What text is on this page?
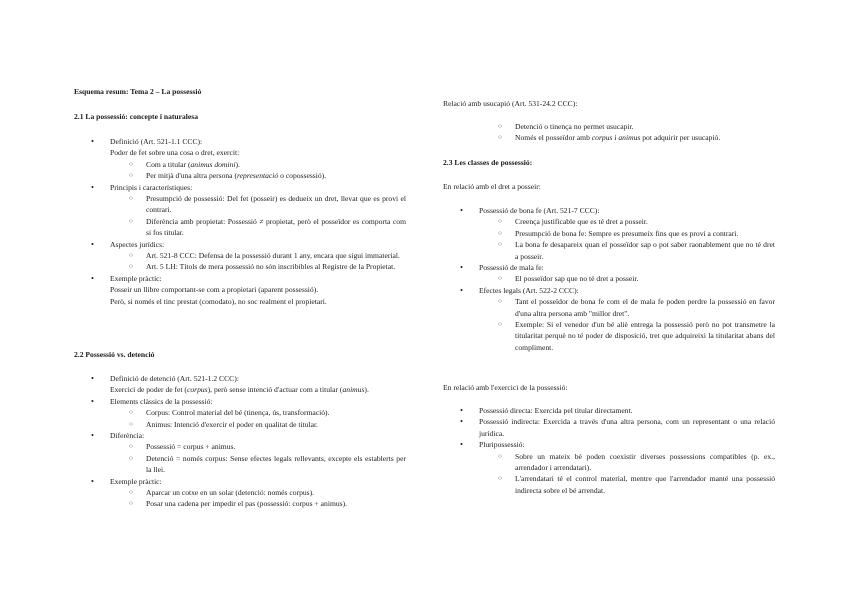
Esquema resum: Tema 2 – La possessió
2.1 La possessió: concepte i naturalesa
• Definició (Art. 521-1.1 CCC):
Poder de fet sobre una cosa o dret, exercit:
○ Com a titular (animus domini).
○ Per mitjà d'una altra persona (representació o copossessió).
• Principis i característiques:
○ Presumpció de possessió: Del fet (posseir) es dedueix un dret, llevat que es provi el contrari.
○ Diferència amb propietat: Possessió ≠ propietat, però el posseïdor es comporta com si fos titular.
• Aspectes jurídics:
○ Art. 521-8 CCC: Defensa de la possessió durant 1 any, encara que sigui immaterial.
○ Art. 5 LH: Títols de mera possessió no són inscribibles al Registre de la Propietat.
• Exemple pràctic:
Posseir un llibre comportant-se com a propietari (aparent possessió).
Però, si només el tinc prestat (comodato), no soc realment el propietari.
2.2 Possessió vs. detenció
• Definició de detenció (Art. 521-1.2 CCC):
Exercici de poder de fet (corpus), però sense intenció d'actuar com a titular (animus).
• Elements clàssics de la possessió:
○ Corpus: Control material del bé (tinença, ús, transformació).
○ Animus: Intenció d'exercir el poder en qualitat de titular.
• Diferència:
○ Possessió = corpus + animus.
○ Detenció = només corpus: Sense efectes legals rellevants, excepte els establerts per la llei.
• Exemple pràctic:
○ Aparcar un cotxe en un solar (detenció: només corpus).
○ Posar una cadena per impedir el pas (possessió: corpus + animus).
Relació amb usucapió (Art. 531-24.2 CCC):
○ Detenció o tinença no permet usucapir.
○ Només el posseïdor amb corpus i animus pot adquirir per usucapió.
2.3 Les classes de possessió:
En relació amb el dret a posseir:
• Possessió de bona fe (Art. 521-7 CCC):
○ Creença justificable que es té dret a posseir.
○ Presumpció de bona fe: Sempre es presumeix fins que es provi a contrari.
○ La bona fe desapareix quan el posseïdor sap o pot saber raonablement que no té dret a posseir.
• Possessió de mala fe:
○ El posseïdor sap que no té dret a posseir.
• Efectes legals (Art. 522-2 CCC):
○ Tant el posseïdor de bona fe com el de mala fe poden perdre la possessió en favor d'una altra persona amb "millor dret".
○ Exemple: Si el venedor d'un bé aliè entrega la possessió però no pot transmetre la titularitat perquè no té poder de disposició, tret que adquireixi la titularitat abans del compliment.
En relació amb l'exercici de la possessió:
• Possessió directa: Exercida pel titular directament.
• Possessió indirecta: Exercida a través d'una altra persona, com un representant o una relació jurídica.
• Pluripossessió:
○ Sobre un mateix bé poden coexistir diverses possessions compatibles (p. ex., arrendador i arrendatari).
○ L'arrendatari té el control material, mentre que l'arrendador manté una possessió indirecta sobre el bé arrendat.
